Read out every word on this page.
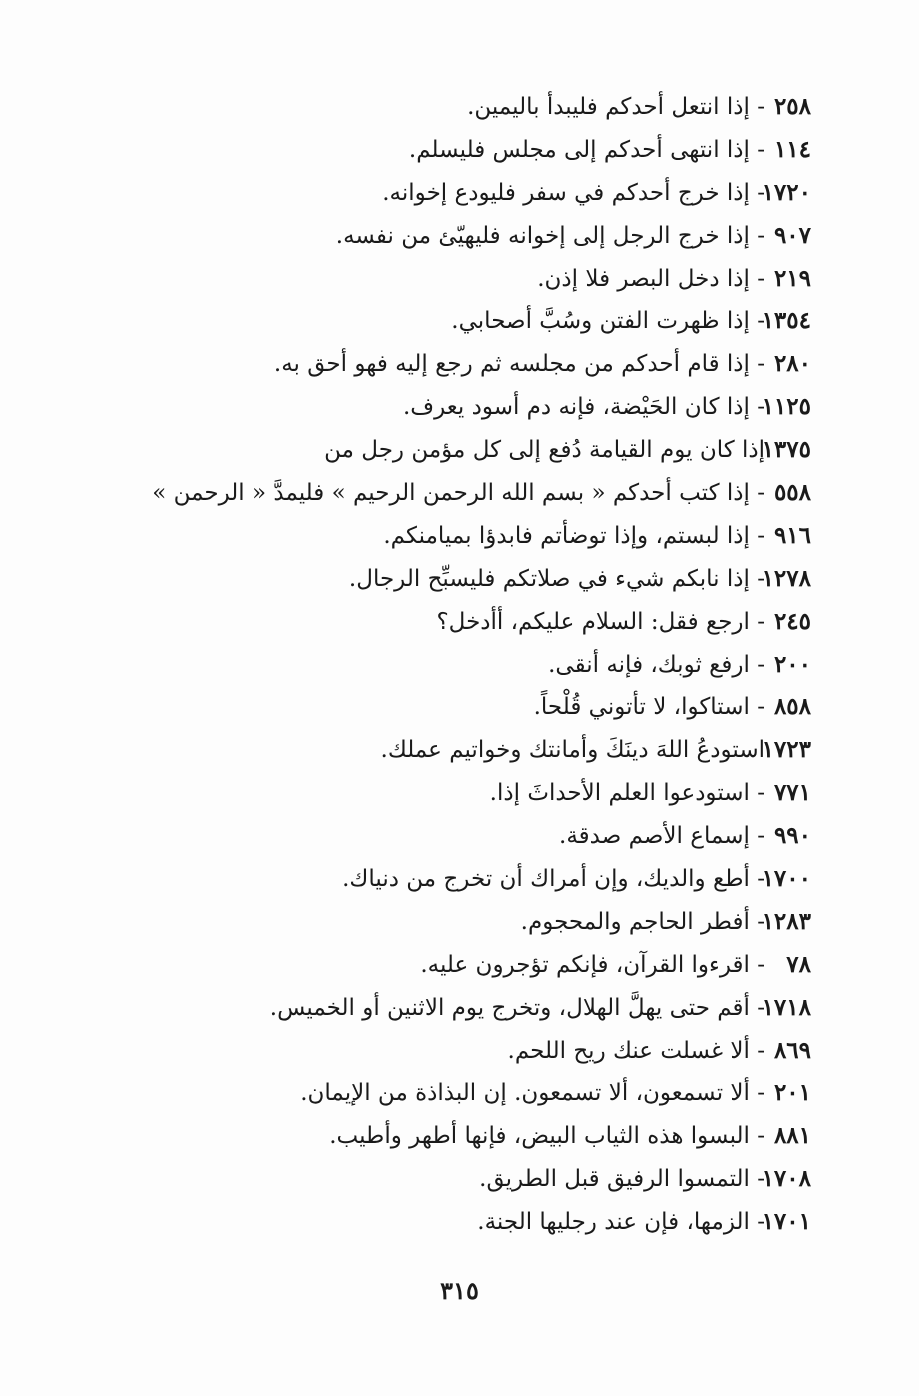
٢٥٨
- إذا انتعل أحدكم فليبدأ باليمين.
١١٤
- إذا انتهى أحدكم إلى مجلس فليسلم.
١٧٢٠
- إذا خرج أحدكم في سفر فليودع إخوانه.
٩٠٧
- إذا خرج الرجل إلى إخوانه فليهيّئ من نفسه.
٢١٩
- إذا دخل البصر فلا إذن.
١٣٥٤
- إذا ظهرت الفتن وسُبَّ أصحابي.
٢٨٠
- إذا قام أحدكم من مجلسه ثم رجع إليه فهو أحق به.
١١٢٥
- إذا كان الحَيْضة، فإنه دم أسود يعرف.
١٣٧٥
إذا كان يوم القيامة دُفع إلى كل مؤمن رجل من
٥٥٨
- إذا كتب أحدكم « بسم الله الرحمن الرحيم » فليمدَّ « الرحمن »
٩١٦
- إذا لبستم، وإذا توضأتم فابدؤا بميامنكم.
١٢٧٨
- إذا نابكم شيء في صلاتكم فليسبِّح الرجال.
٢٤٥
- ارجع فقل: السلام عليكم، أأدخل؟
٢٠٠
- ارفع ثوبك، فإنه أنقى.
٨٥٨
- استاكوا، لا تأتوني قُلْحاً.
١٧٢٣
استودعُ اللهَ دينَكَ وأمانتك وخواتيم عملك.
٧٧١
- استودعوا العلم الأحداثَ إذا.
٩٩٠
- إسماع الأصم صدقة.
١٧٠٠
- أطع والديك، وإن أمراك أن تخرج من دنياك.
١٢٨٣
- أفطر الحاجم والمحجوم.
٧٨
- اقرءوا القرآن، فإنكم تؤجرون عليه.
١٧١٨
- أقم حتى يهلَّ الهلال، وتخرج يوم الاثنين أو الخميس.
٨٦٩
- ألا غسلت عنك ريح اللحم.
٢٠١
- ألا تسمعون، ألا تسمعون. إن البذاذة من الإيمان.
٨٨١
- البسوا هذه الثياب البيض، فإنها أطهر وأطيب.
١٧٠٨
- التمسوا الرفيق قبل الطريق.
١٧٠١
- الزمها، فإن عند رجليها الجنة.
٣١٥
